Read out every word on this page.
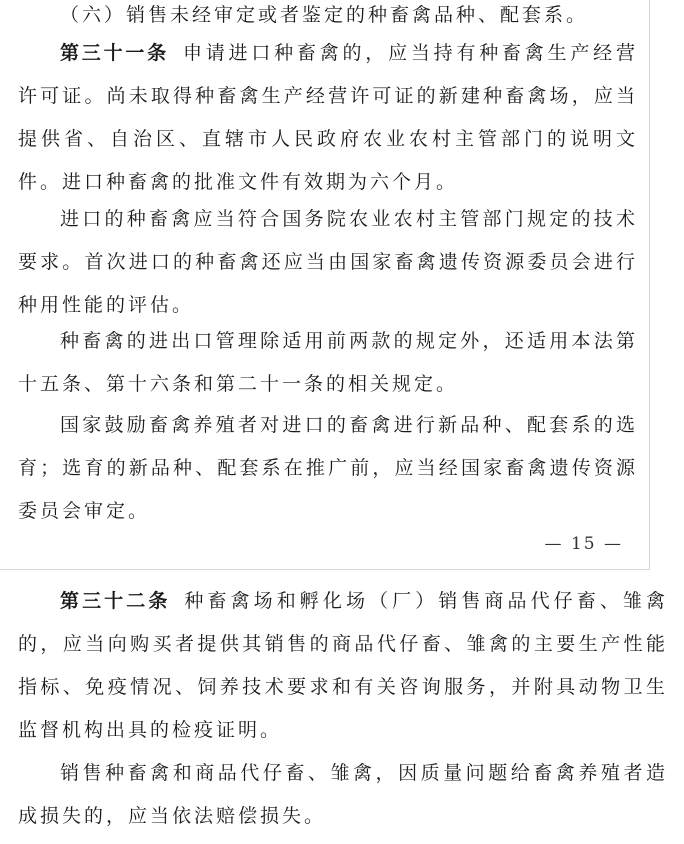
（六）销售未经审定或者鉴定的种畜禽品种、配套系。

第三十一条 申请进口种畜禽的，应当持有种畜禽生产经营许可证。尚未取得种畜禽生产经营许可证的新建种畜禽场，应当提供省、自治区、直辖市人民政府农业农村主管部门的说明文件。进口种畜禽的批准文件有效期为六个月。

进口的种畜禽应当符合国务院农业农村主管部门规定的技术要求。首次进口的种畜禽还应当由国家畜禽遗传资源委员会进行种用性能的评估。

种畜禽的进出口管理除适用前两款的规定外，还适用本法第十五条、第十六条和第二十一条的相关规定。

国家鼓励畜禽养殖者对进口的畜禽进行新品种、配套系的选育；选育的新品种、配套系在推广前，应当经国家畜禽遗传资源委员会审定。

— 15 —

第三十二条 种畜禽场和孵化场（厂）销售商品代仔畜、雏禽的，应当向购买者提供其销售的商品代仔畜、雏禽的主要生产性能指标、免疫情况、饲养技术要求和有关咨询服务，并附具动物卫生监督机构出具的检疫证明。

销售种畜禽和商品代仔畜、雏禽，因质量问题给畜禽养殖者造成损失的，应当依法赔偿损失。
